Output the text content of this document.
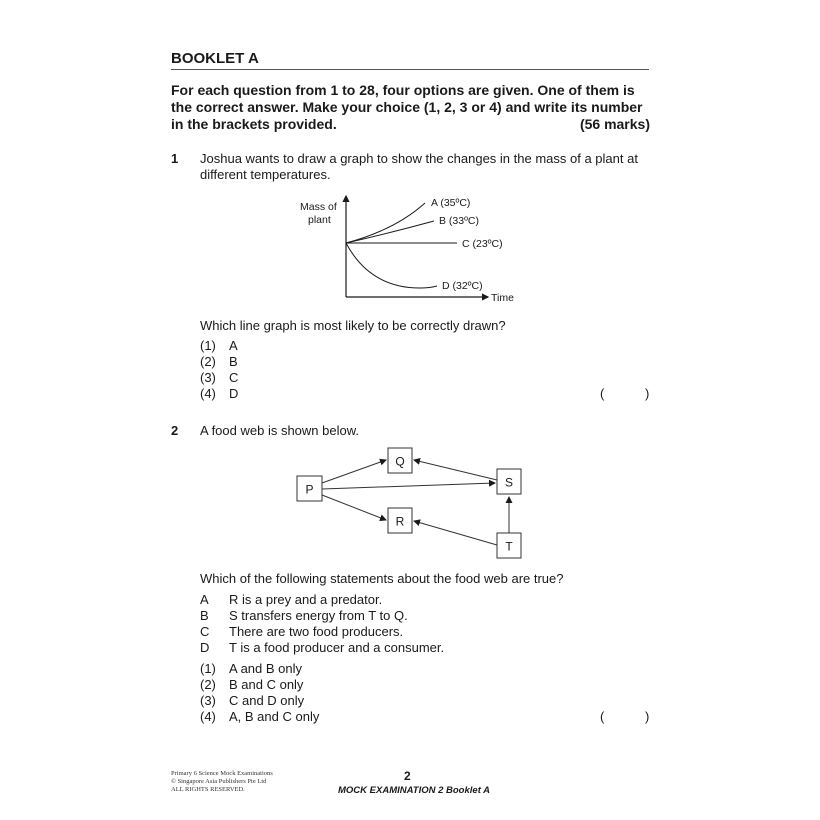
BOOKLET A
For each question from 1 to 28, four options are given. One of them is
the correct answer. Make your choice (1, 2, 3 or 4) and write its number
in the brackets provided.	(56 marks)
1 Joshua wants to draw a graph to show the changes in the mass of a plant at
different temperatures.
Mass of
plant
Time
A (35ºC)
B (33ºC)
C (23ºC)
D (32ºC)
Which line graph is most likely to be correctly drawn?
(1)	A
(2)	B
(3)	C
(4)	D	(	)
2 A food web is shown below.
P
Q
R
S
T
Which of the following statements about the food web are true?
A	R is a prey and a predator.
B	S transfers energy from T to Q.
C	There are two food producers.
D	T is a food producer and a consumer.
(1)	A and B only
(2)	B and C only
(3)	C and D only
(4)	A, B and C only	(	)
Primary 6 Science Mock Examinations
© Singapore Asia Publishers Pte Ltd
ALL RIGHTS RESERVED.
2
MOCK EXAMINATION 2 Booklet A
